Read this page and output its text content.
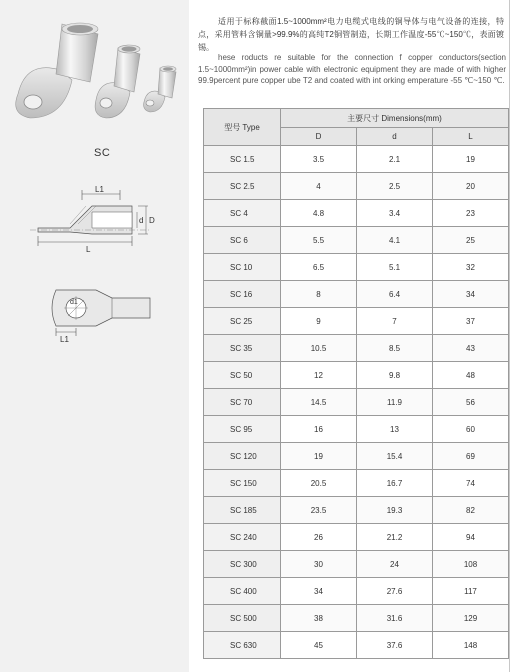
SC
L1
d D
L
d1
L1
适用于标称截面1.5~1000mm²电力电缆式电线的铜导体与电气设备的连接，特点，采用管料含铜量>99.9%的高纯T2铜管制造，长期工作温度-55℃~150℃，表面镀锡。
hese roducts re suitable for the connection f copper conductors(section 1.5~1000mm²)in power cable with electronic equipment they are made of with higher 99.9percent pure copper ube T2 and coated with int orking emperature -55 ℃~150 ℃.
型号 Type	主要尺寸 Dimensions(mm)		
	D	d	L
SC 1.5	3.5	2.1	19
SC 2.5	4	2.5	20
SC 4	4.8	3.4	23
SC 6	5.5	4.1	25
SC 10	6.5	5.1	32
SC 16	8	6.4	34
SC 25	9	7	37
SC 35	10.5	8.5	43
SC 50	12	9.8	48
SC 70	14.5	11.9	56
SC 95	16	13	60
SC 120	19	15.4	69
SC 150	20.5	16.7	74
SC 185	23.5	19.3	82
SC 240	26	21.2	94
SC 300	30	24	108
SC 400	34	27.6	117
SC 500	38	31.6	129
SC 630	45	37.6	148
